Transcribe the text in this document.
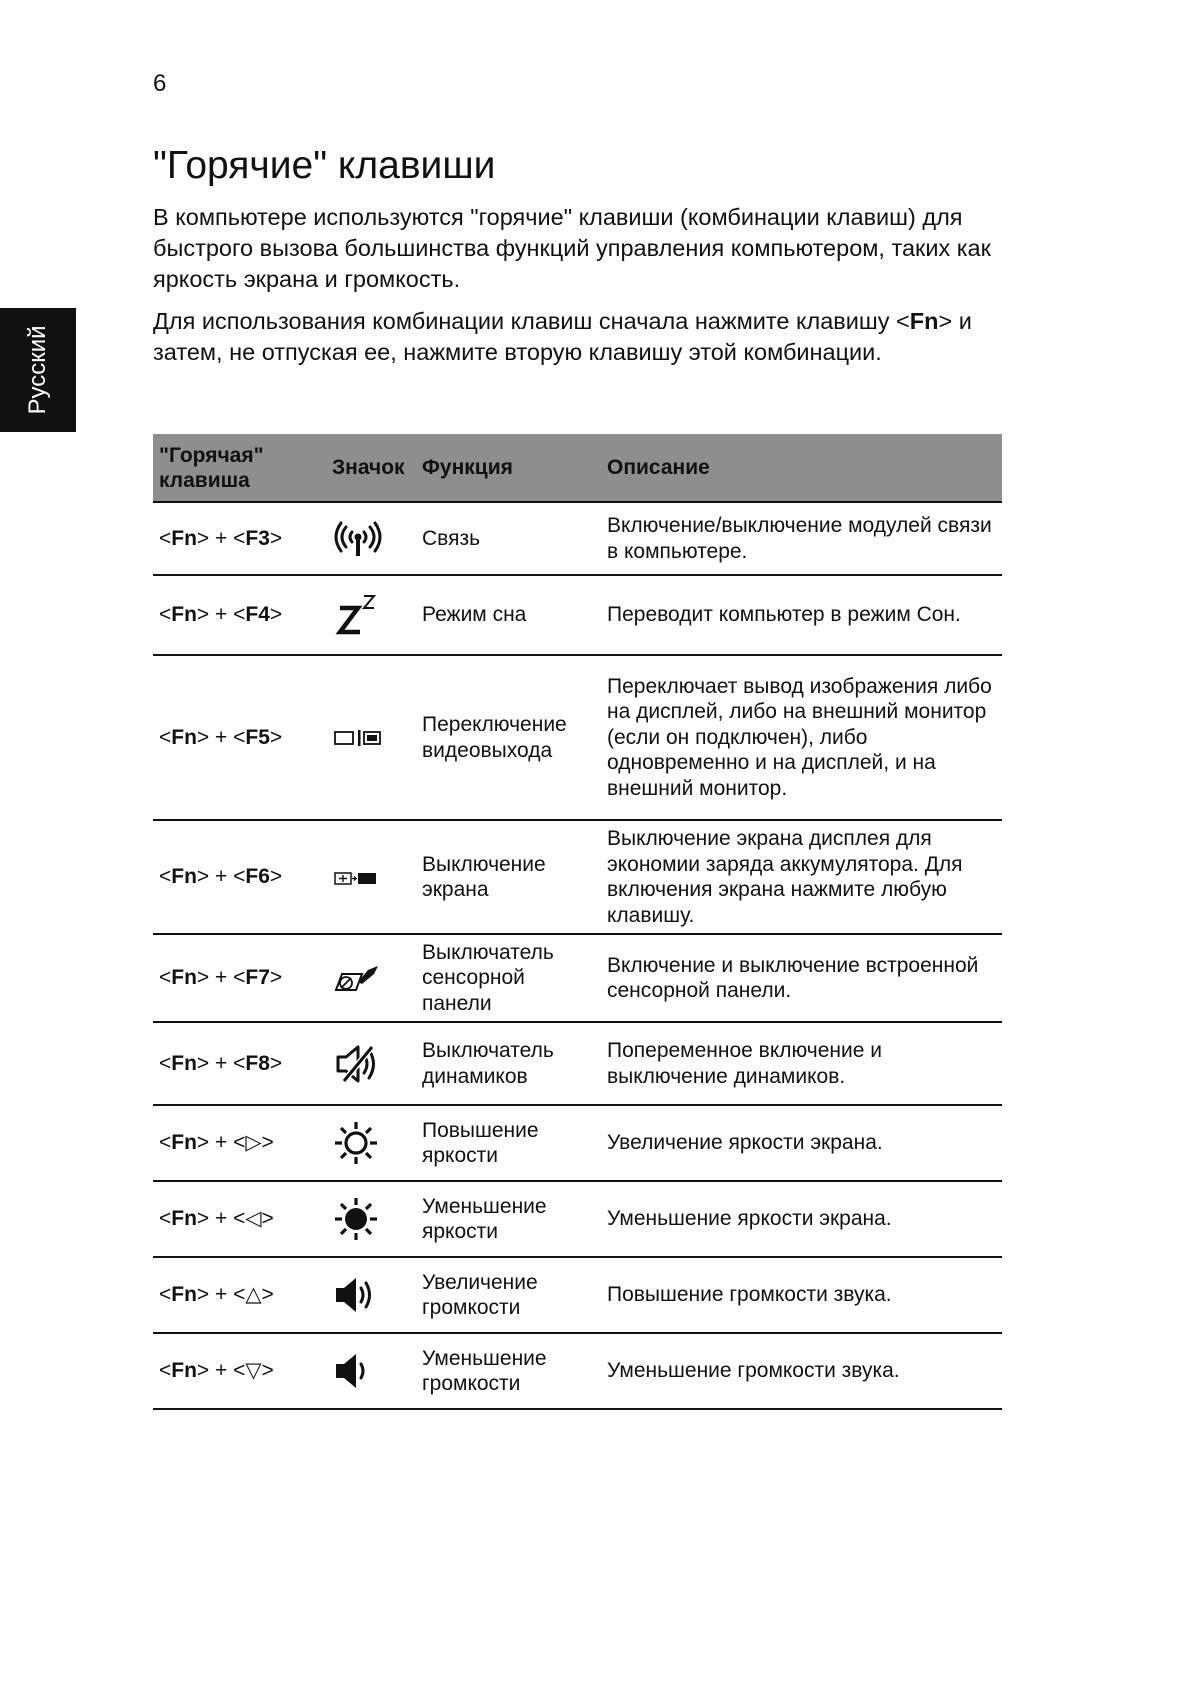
6
Русский
"Горячие" клавиши

В компьютере используются "горячие" клавиши (комбинации клавиш) для быстрого вызова большинства функций управления компьютером, таких как яркость экрана и громкость.

Для использования комбинации клавиш сначала нажмите клавишу <Fn> и затем, не отпуская ее, нажмите вторую клавишу этой комбинации.

"Горячая" клавиша	Значок	Функция	Описание
<Fn> + <F3>		Связь	Включение/выключение модулей связи в компьютере.
<Fn> + <F4>		Режим сна	Переводит компьютер в режим Сон.
<Fn> + <F5>		Переключение видеовыхода	Переключает вывод изображения либо на дисплей, либо на внешний монитор (если он подключен), либо одновременно и на дисплей, и на внешний монитор.
<Fn> + <F6>		Выключение экрана	Выключение экрана дисплея для экономии заряда аккумулятора. Для включения экрана нажмите любую клавишу.
<Fn> + <F7>		Выключатель сенсорной панели	Включение и выключение встроенной сенсорной панели.
<Fn> + <F8>		Выключатель динамиков	Попеременное включение и выключение динамиков.
<Fn> + <▷>		Повышение яркости	Увеличение яркости экрана.
<Fn> + <◁>		Уменьшение яркости	Уменьшение яркости экрана.
<Fn> + <△>		Увеличение громкости	Повышение громкости звука.
<Fn> + <▽>		Уменьшение громкости	Уменьшение громкости звука.
